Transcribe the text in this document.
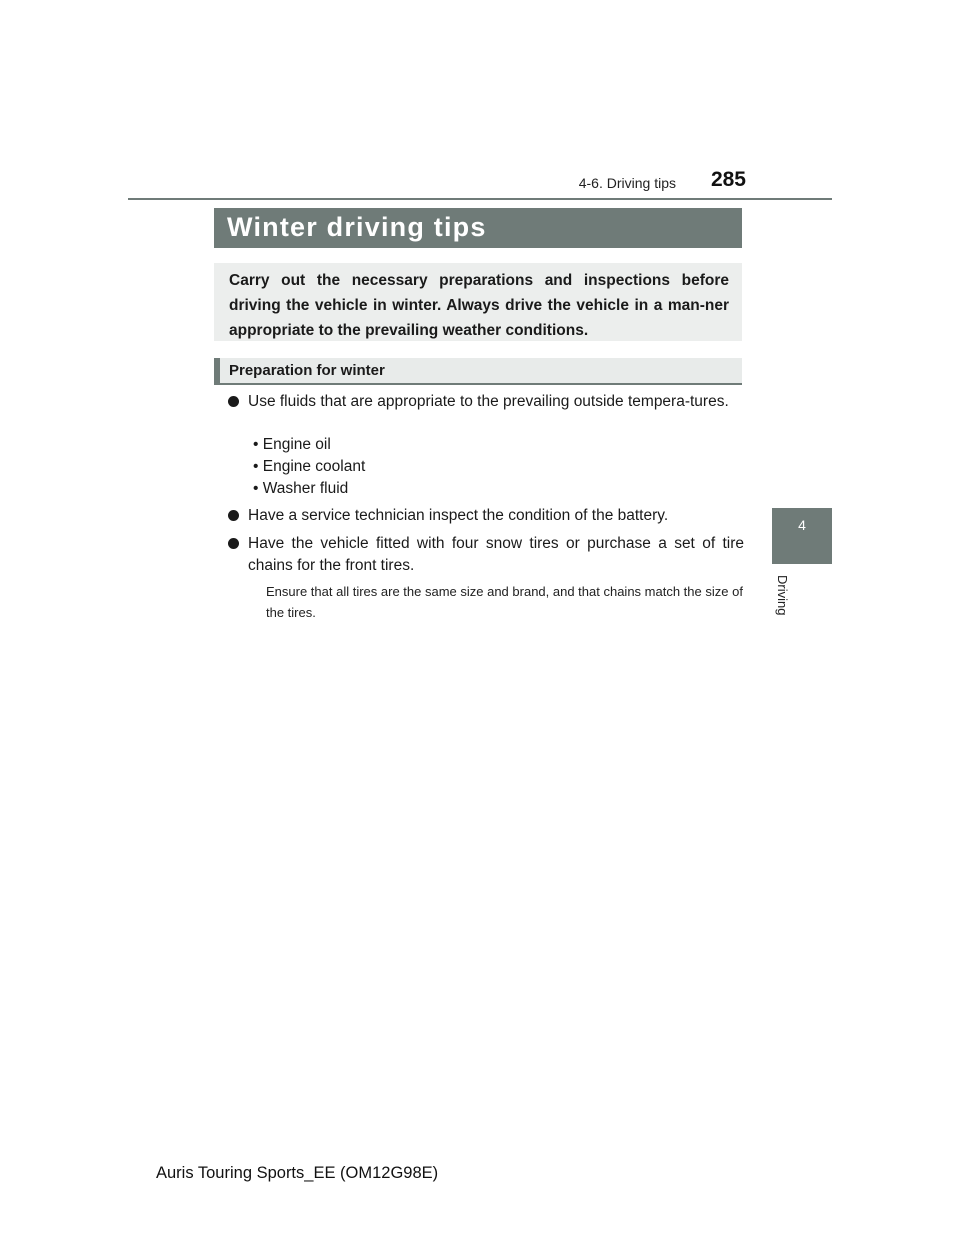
4-6. Driving tips	285
Winter driving tips
Carry out the necessary preparations and inspections before driving the vehicle in winter. Always drive the vehicle in a man-ner appropriate to the prevailing weather conditions.
Preparation for winter
Use fluids that are appropriate to the prevailing outside tempera-tures.
• Engine oil
• Engine coolant
• Washer fluid
Have a service technician inspect the condition of the battery.
Have the vehicle fitted with four snow tires or purchase a set of tire chains for the front tires.
Ensure that all tires are the same size and brand, and that chains match the size of the tires.
4
Driving
Auris Touring Sports_EE (OM12G98E)
